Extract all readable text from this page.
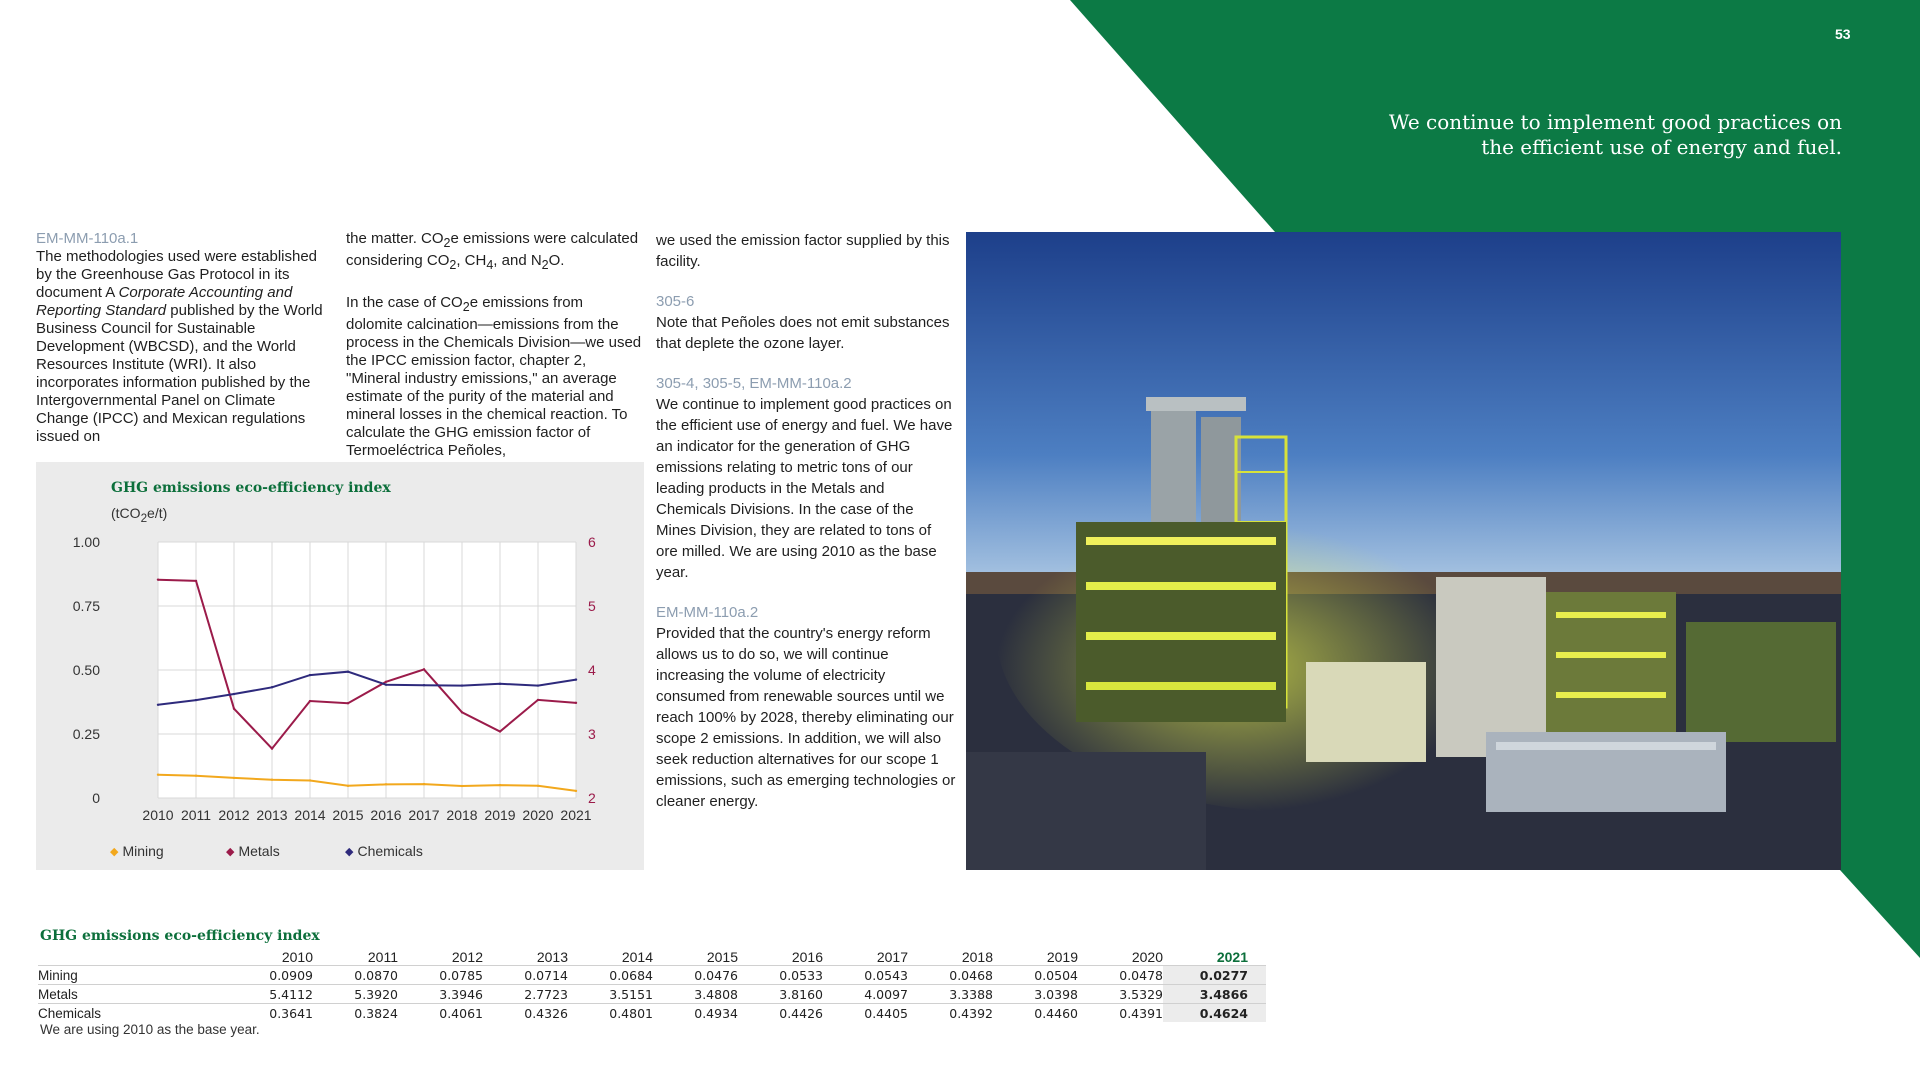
53
We continue to implement good practices on the efficient use of energy and fuel.
EM-MM-110a.1

The methodologies used were established by the Greenhouse Gas Protocol in its document A Corporate Accounting and Reporting Standard published by the World Business Council for Sustainable Development (WBCSD), and the World Resources Institute (WRI). It also incorporates information published by the Intergovernmental Panel on Climate Change (IPCC) and Mexican regulations issued on

the matter. $CO_2e$ emissions were calculated considering $CO_2$, $CH_4$, and $N_2O$.

In the case of $CO_2e$ emissions from dolomite calcination—emissions from the process in the Chemicals Division—we used the IPCC emission factor, chapter 2, "Mineral industry emissions," an average estimate of the purity of the material and mineral losses in the chemical reaction. To calculate the GHG emission factor of Termoeléctrica Peñoles,

we used the emission factor supplied by this facility.

305-6

Note that Peñoles does not emit substances that deplete the ozone layer.

305-4, 305-5, EM-MM-110a.2

We continue to implement good practices on the efficient use of energy and fuel. We have an indicator for the generation of GHG emissions relating to metric tons of our leading products in the Metals and Chemicals Divisions. In the case of the Mines Division, they are related to tons of ore milled. We are using 2010 as the base year.

EM-MM-110a.2

Provided that the country's energy reform allows us to do so, we will continue increasing the volume of electricity consumed from renewable sources until we reach 100% by 2028, thereby eliminating our scope 2 emissions. In addition, we will also seek reduction alternatives for our scope 1 emissions, such as emerging technologies or cleaner energy.

GHG emissions eco-efficiency index
(tCO$_2$e/t)
1.00
0.75
0.50
0.25
0
6
5
4
3
2
2010 2011 2012 2013 2014 2015 2016 2017 2018 2019 2020 2021
◆ Mining	◆ Metals	◆ Chemicals
GHG emissions eco-efficiency index
	2010	2011	2012	2013	2014	2015	2016	2017	2018	2019	2020	2021
Mining	0.0909	0.0870	0.0785	0.0714	0.0684	0.0476	0.0533	0.0543	0.0468	0.0504	0.0478	0.0277
Metals	5.4112	5.3920	3.3946	2.7723	3.5151	3.4808	3.8160	4.0097	3.3388	3.0398	3.5329	3.4866
Chemicals	0.3641	0.3824	0.4061	0.4326	0.4801	0.4934	0.4426	0.4405	0.4392	0.4460	0.4391	0.4624
We are using 2010 as the base year.
